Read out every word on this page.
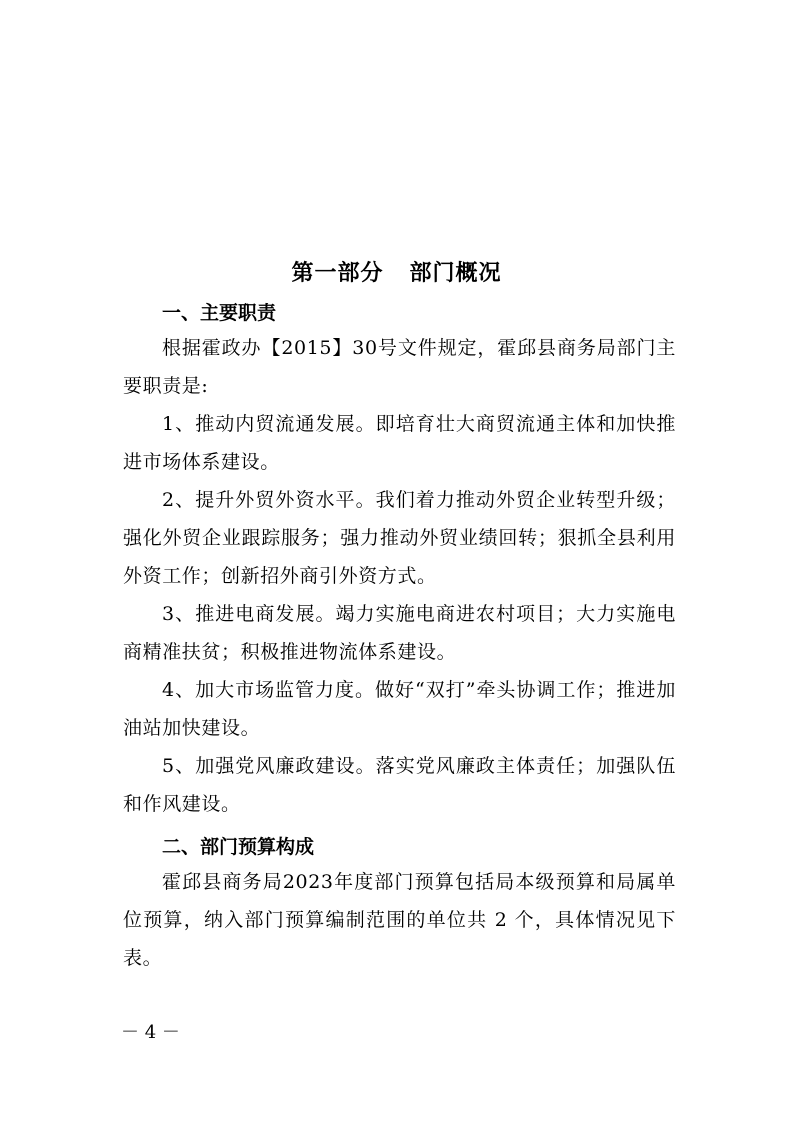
第一部分 部门概况
一、主要职责
根据霍政办【2015】30号文件规定，霍邱县商务局部门主要职责是:
1、推动内贸流通发展。即培育壮大商贸流通主体和加快推进市场体系建设。
2、提升外贸外资水平。我们着力推动外贸企业转型升级；强化外贸企业跟踪服务；强力推动外贸业绩回转；狠抓全县利用外资工作；创新招外商引外资方式。
3、推进电商发展。竭力实施电商进农村项目；大力实施电商精准扶贫；积极推进物流体系建设。
4、加大市场监管力度。做好“双打”牵头协调工作；推进加油站加快建设。
5、加强党风廉政建设。落实党风廉政主体责任；加强队伍和作风建设。
二、部门预算构成
霍邱县商务局2023年度部门预算包括局本级预算和局属单位预算，纳入部门预算编制范围的单位共 2 个，具体情况见下表。
－ 4 －
